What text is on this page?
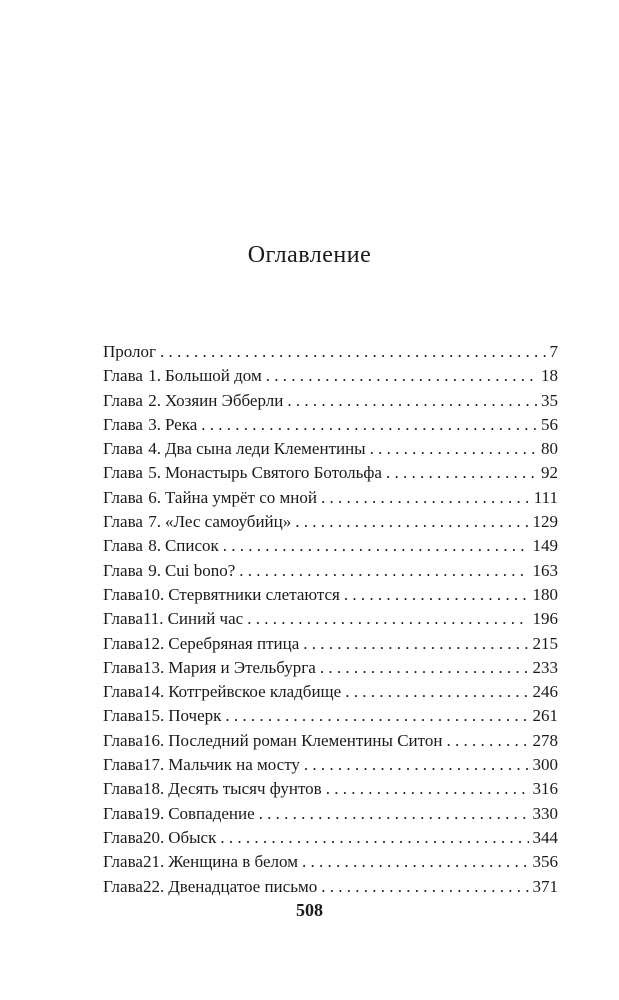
Оглавление
Пролог . . .	7
Глава 1. Большой дом . . .	18
Глава 2. Хозяин Эбберли . . .	35
Глава 3. Река . . .	56
Глава 4. Два сына леди Клементины . . .	80
Глава 5. Монастырь Святого Ботольфа . . .	92
Глава 6. Тайна умрёт со мной . . .	111
Глава 7. «Лес самоубийц» . . .	129
Глава 8. Список . . .	149
Глава 9. Cui bono? . . .	163
Глава 10. Стервятники слетаются . . .	180
Глава 11. Синий час . . .	196
Глава 12. Серебряная птица . . .	215
Глава 13. Мария и Этельбурга . . .	233
Глава 14. Котгрейвское кладбище . . .	246
Глава 15. Почерк . . .	261
Глава 16. Последний роман Клементины Ситон . . .	278
Глава 17. Мальчик на мосту . . .	300
Глава 18. Десять тысяч фунтов . . .	316
Глава 19. Совпадение . . .	330
Глава 20. Обыск . . .	344
Глава 21. Женщина в белом . . .	356
Глава 22. Двенадцатое письмо . . .	371
508
